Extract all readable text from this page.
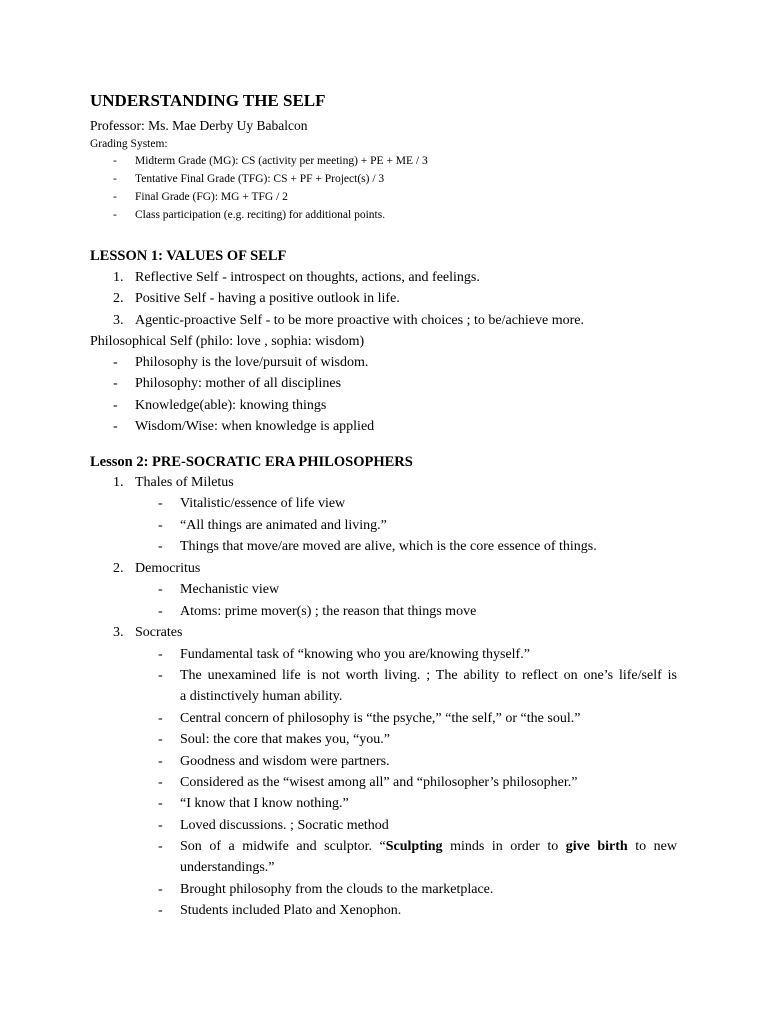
UNDERSTANDING THE SELF
Professor: Ms. Mae Derby Uy Babalcon
Grading System:
- Midterm Grade (MG): CS (activity per meeting) + PE + ME / 3
- Tentative Final Grade (TFG): CS + PF + Project(s) / 3
- Final Grade (FG): MG + TFG / 2
- Class participation (e.g. reciting) for additional points.
LESSON 1: VALUES OF SELF
1. Reflective Self - introspect on thoughts, actions, and feelings.
2. Positive Self - having a positive outlook in life.
3. Agentic-proactive Self - to be more proactive with choices ; to be/achieve more.
Philosophical Self (philo: love , sophia: wisdom)
- Philosophy is the love/pursuit of wisdom.
- Philosophy: mother of all disciplines
- Knowledge(able): knowing things
- Wisdom/Wise: when knowledge is applied
Lesson 2: PRE-SOCRATIC ERA PHILOSOPHERS
1. Thales of Miletus
- Vitalistic/essence of life view
- “All things are animated and living.”
- Things that move/are moved are alive, which is the core essence of things.
2. Democritus
- Mechanistic view
- Atoms: prime mover(s) ; the reason that things move
3. Socrates
- Fundamental task of “knowing who you are/knowing thyself.”
- The unexamined life is not worth living. ; The ability to reflect on one’s life/self is
a distinctively human ability.
- Central concern of philosophy is “the psyche,” “the self,” or “the soul.”
- Soul: the core that makes you, “you.”
- Goodness and wisdom were partners.
- Considered as the “wisest among all” and “philosopher’s philosopher.”
- “I know that I know nothing.”
- Loved discussions. ; Socratic method
- Son of a midwife and sculptor. “Sculpting minds in order to give birth to new
understandings.”
- Brought philosophy from the clouds to the marketplace.
- Students included Plato and Xenophon.
